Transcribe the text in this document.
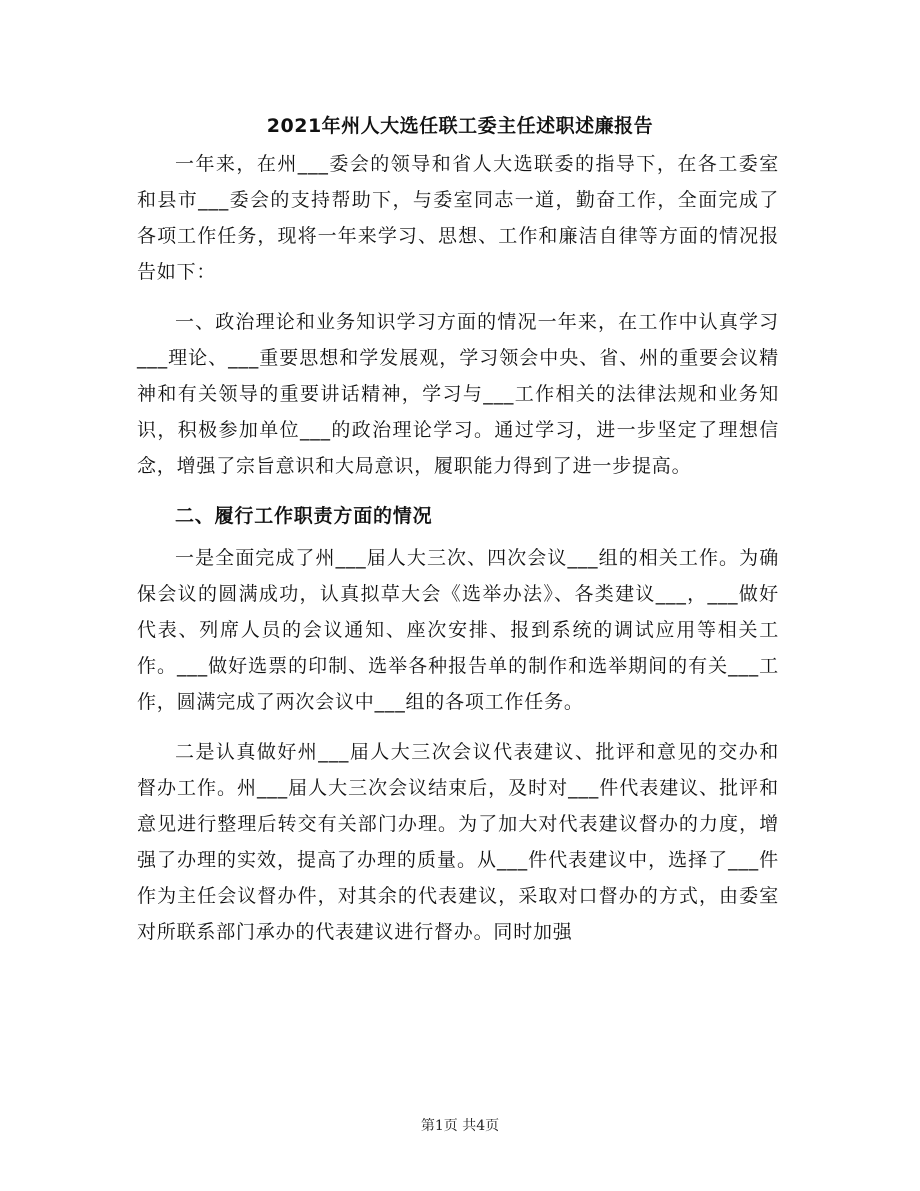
2021年州人大选任联工委主任述职述廉报告

一年来，在州___委会的领导和省人大选联委的指导下，在各工委室和县市___委会的支持帮助下，与委室同志一道，勤奋工作，全面完成了各项工作任务，现将一年来学习、思想、工作和廉洁自律等方面的情况报告如下：

一、政治理论和业务知识学习方面的情况一年来，在工作中认真学习___理论、___重要思想和学发展观，学习领会中央、省、州的重要会议精神和有关领导的重要讲话精神，学习与___工作相关的法律法规和业务知识，积极参加单位___的政治理论学习。通过学习，进一步坚定了理想信念，增强了宗旨意识和大局意识，履职能力得到了进一步提高。

二、履行工作职责方面的情况

一是全面完成了州___届人大三次、四次会议___组的相关工作。为确保会议的圆满成功，认真拟草大会《选举办法》、各类建议___，___做好代表、列席人员的会议通知、座次安排、报到系统的调试应用等相关工作。___做好选票的印制、选举各种报告单的制作和选举期间的有关___工作，圆满完成了两次会议中___组的各项工作任务。

二是认真做好州___届人大三次会议代表建议、批评和意见的交办和督办工作。州___届人大三次会议结束后，及时对___件代表建议、批评和意见进行整理后转交有关部门办理。为了加大对代表建议督办的力度，增强了办理的实效，提高了办理的质量。从___件代表建议中，选择了___件作为主任会议督办件，对其余的代表建议，采取对口督办的方式，由委室对所联系部门承办的代表建议进行督办。同时加强

第1页 共4页
